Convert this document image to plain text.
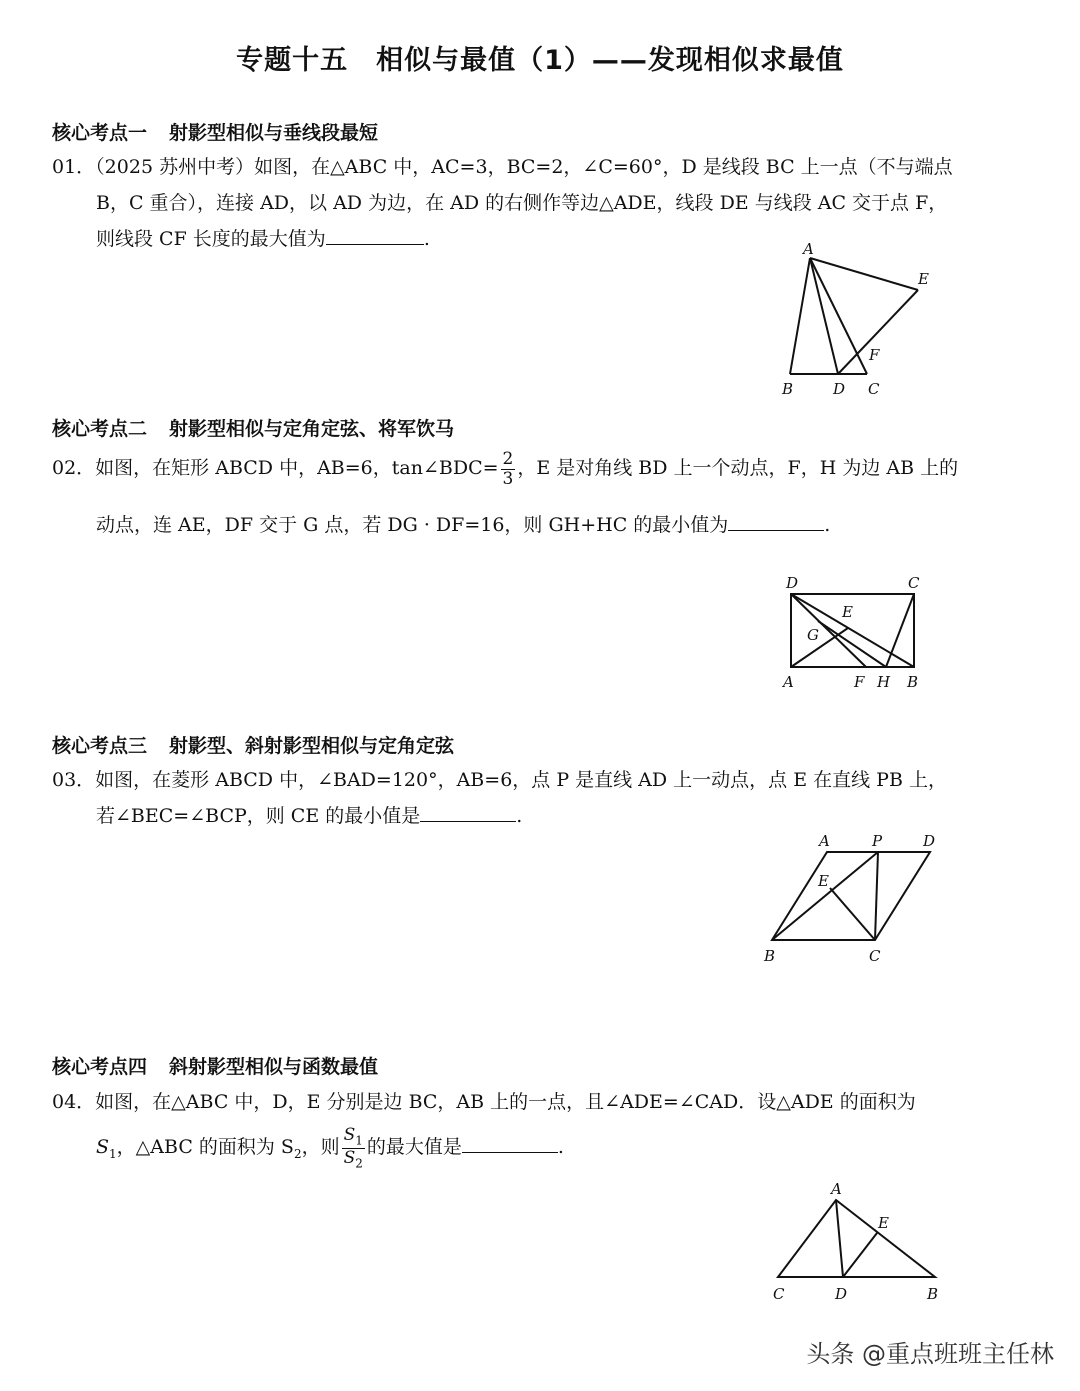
专题十五　相似与最值（1）——发现相似求最值
核心考点一 射影型相似与垂线段最短
01．（2025 苏州中考）如图，在△ABC 中，AC=3，BC=2，∠C=60°，D 是线段 BC 上一点（不与端点
B，C 重合），连接 AD，以 AD 为边，在 AD 的右侧作等边△ADE，线段 DE 与线段 AC 交于点 F，
则线段 CF 长度的最大值为	.	A
E
F
B	D C
核心考点二 射影型相似与定角定弦、将军饮马
02．如图，在矩形 ABCD 中，AB=6，tan∠BDC= $\frac{2}{3}$ ，E 是对角线 BD 上一个动点，F，H 为边 AB 上的
动点，连 AE，DF 交于 G 点，若 DG · DF=16，则 GH+HC 的最小值为	.
D	C
E
G
A	F H B
核心考点三 射影型、斜射影型相似与定角定弦
03．如图，在菱形 ABCD 中，∠BAD=120°，AB=6，点 P 是直线 AD 上一动点，点 E 在直线 PB 上，
若∠BEC=∠BCP，则 CE 的最小值是	.
A	P	D
E
B	C
核心考点四 斜射影型相似与函数最值
04．如图，在△ABC 中，D，E 分别是边 BC，AB 上的一点，且∠ADE=∠CAD．设△ADE 的面积为
$S_1$，△ABC 的面积为 $S_2$，则 $\frac{S_1}{S_2}$ 的最大值是	.
A
E
C	D	B
头条 @重点班班主任林
